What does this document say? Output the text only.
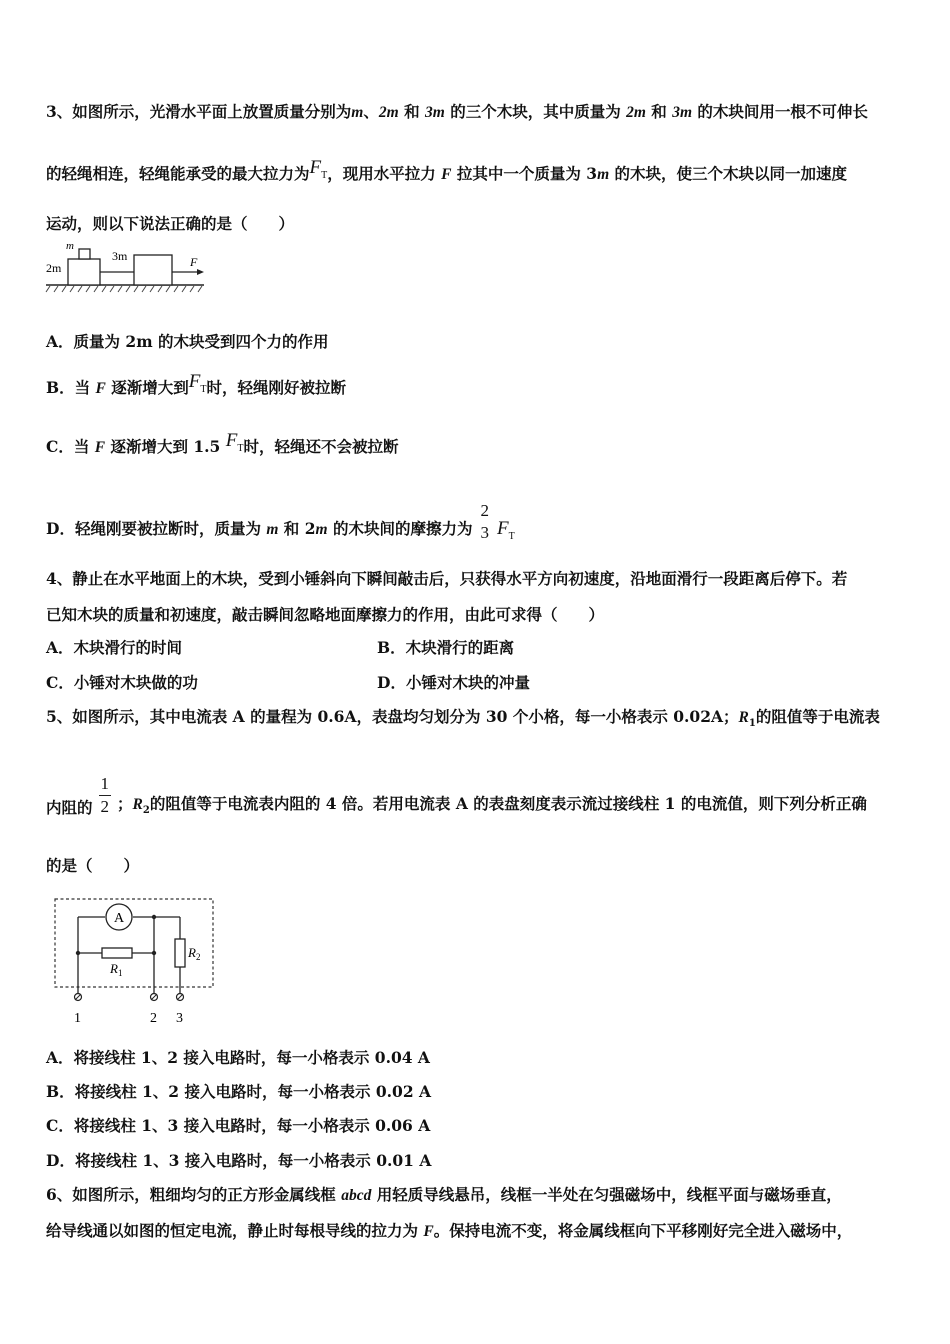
3、如图所示，光滑水平面上放置质量分别为m、2m 和 3m 的三个木块，其中质量为 2m 和 3m 的木块间用一根不可伸长
的轻绳相连，轻绳能承受的最大拉力为$F_T$，现用水平拉力 F 拉其中一个质量为 3m 的木块，使三个木块以同一加速度
运动，则以下说法正确的是（　　）
m
2m
3m	F
A．质量为 2m 的木块受到四个力的作用
B．当 F 逐渐增大到$F_T$时，轻绳刚好被拉断
C．当 F 逐渐增大到 1.5 $F_T$时，轻绳还不会被拉断
D．轻绳刚要被拉断时，质量为 m 和 2m 的木块间的摩擦力为
2
3 $F_T$
4、静止在水平地面上的木块，受到小锤斜向下瞬间敲击后，只获得水平方向初速度，沿地面滑行一段距离后停下。若
已知木块的质量和初速度，敲击瞬间忽略地面摩擦力的作用，由此可求得（　　）
A．木块滑行的时间	B．木块滑行的距离
C．小锤对木块做的功	D．小锤对木块的冲量
5、如图所示，其中电流表 A 的量程为 0.6A，表盘均匀划分为 30 个小格，每一小格表示 0.02A；$R_1$的阻值等于电流表
内阻的 $\frac{1}{2}$ ；$R_2$的阻值等于电流表内阻的 4 倍。若用电流表 A 的表盘刻度表示流过接线柱 1 的电流值，则下列分析正确
的是（　　）
A
$R_1$
$R_2$
1	2 3
A．将接线柱 1、2 接入电路时，每一小格表示 0.04 A
B．将接线柱 1、2 接入电路时，每一小格表示 0.02 A
C．将接线柱 1、3 接入电路时，每一小格表示 0.06 A
D．将接线柱 1、3 接入电路时，每一小格表示 0.01 A
6、如图所示，粗细均匀的正方形金属线框 abcd 用轻质导线悬吊，线框一半处在匀强磁场中，线框平面与磁场垂直，
给导线通以如图的恒定电流，静止时每根导线的拉力为 F。保持电流不变，将金属线框向下平移刚好完全进入磁场中，
